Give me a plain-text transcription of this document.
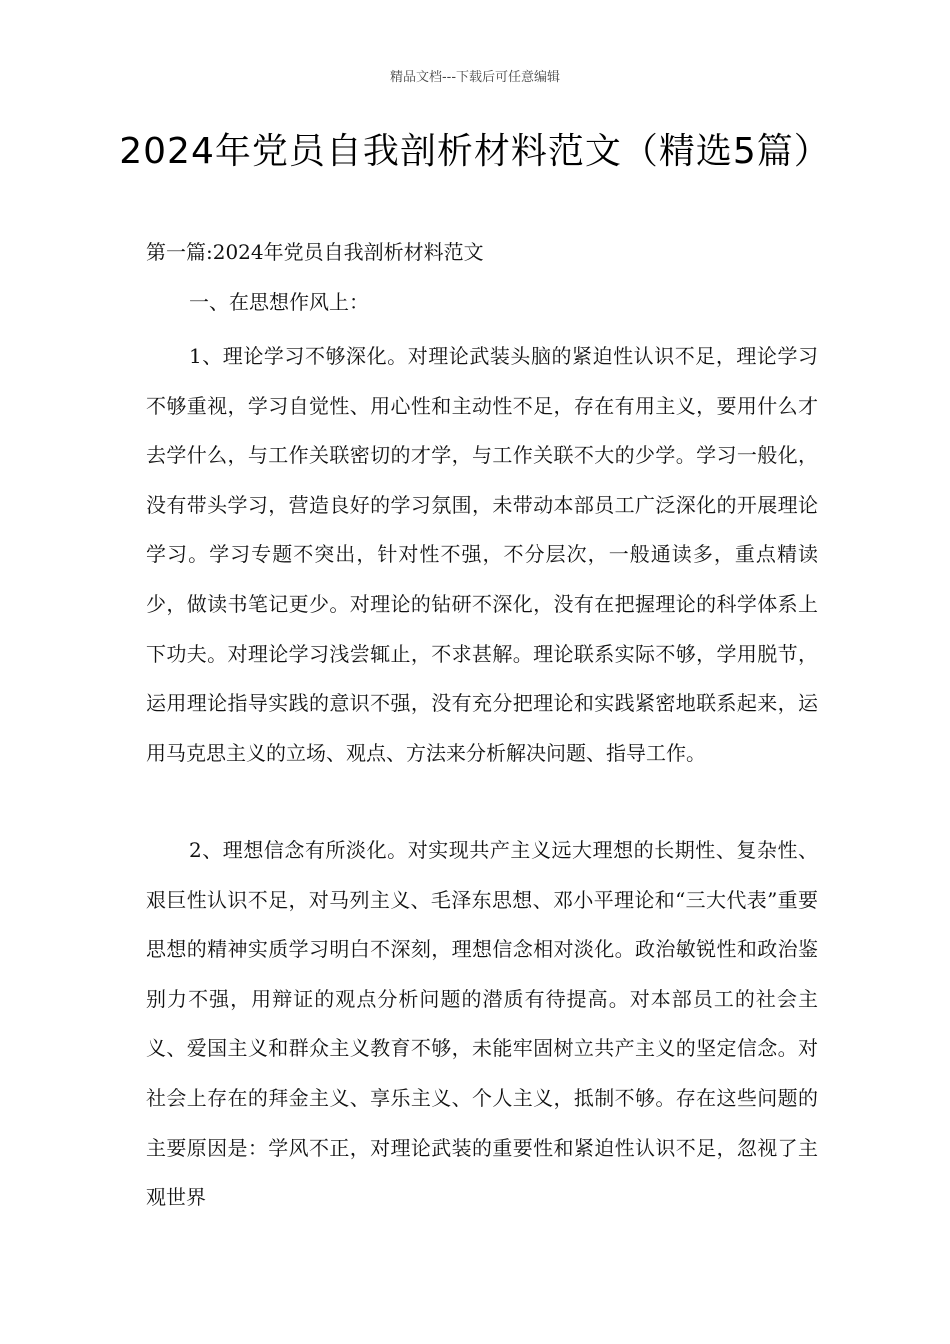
精品文档---下载后可任意编辑
2024年党员自我剖析材料范文（精选5篇）
第一篇:2024年党员自我剖析材料范文
一、在思想作风上：

1、理论学习不够深化。对理论武装头脑的紧迫性认识不足，理论学习不够重视，学习自觉性、用心性和主动性不足，存在有用主义，要用什么才去学什么，与工作关联密切的才学，与工作关联不大的少学。学习一般化，没有带头学习，营造良好的学习氛围，未带动本部员工广泛深化的开展理论学习。学习专题不突出，针对性不强，不分层次，一般通读多，重点精读少，做读书笔记更少。对理论的钻研不深化，没有在把握理论的科学体系上下功夫。对理论学习浅尝辄止，不求甚解。理论联系实际不够，学用脱节，运用理论指导实践的意识不强，没有充分把理论和实践紧密地联系起来，运用马克思主义的立场、观点、方法来分析解决问题、指导工作。

2、理想信念有所淡化。对实现共产主义远大理想的长期性、复杂性、艰巨性认识不足，对马列主义、毛泽东思想、邓小平理论和“三大代表”重要思想的精神实质学习明白不深刻，理想信念相对淡化。政治敏锐性和政治鉴别力不强，用辩证的观点分析问题的潜质有待提高。对本部员工的社会主义、爱国主义和群众主义教育不够，未能牢固树立共产主义的坚定信念。对社会上存在的拜金主义、享乐主义、个人主义，抵制不够。存在这些问题的主要原因是：学风不正，对理论武装的重要性和紧迫性认识不足，忽视了主观世界
